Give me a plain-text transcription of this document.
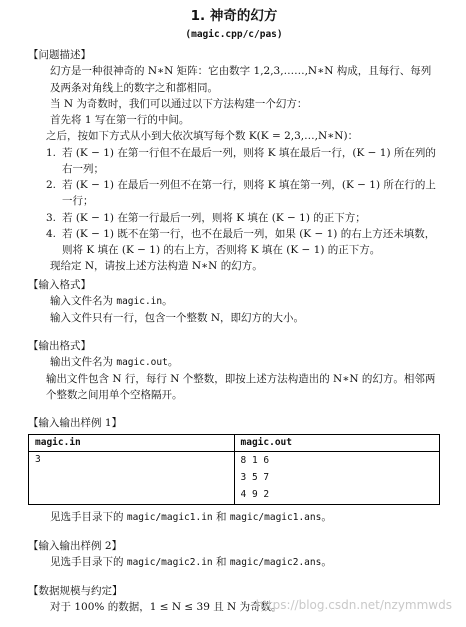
1. 神奇的幻方
(magic.cpp/c/pas)
【问题描述】
幻方是一种很神奇的 N∗N 矩阵：它由数字 1,2,3,……,N∗N 构成，且每行、每列及两条对角线上的数字之和都相同。
当 N 为奇数时，我们可以通过以下方法构建一个幻方：
首先将 1 写在第一行的中间。
之后，按如下方式从小到大依次填写每个数 K(K = 2,3,…,N∗N)：
1. 若 (K − 1) 在第一行但不在最后一列，则将 K 填在最后一行，(K − 1) 所在列的右一列；
2. 若 (K − 1) 在最后一列但不在第一行，则将 K 填在第一列，(K − 1) 所在行的上一行；
3. 若 (K − 1) 在第一行最后一列，则将 K 填在 (K − 1) 的正下方；
4. 若 (K − 1) 既不在第一行，也不在最后一列，如果 (K − 1) 的右上方还未填数，则将 K 填在 (K − 1) 的右上方，否则将 K 填在 (K − 1) 的正下方。
现给定 N，请按上述方法构造 N∗N 的幻方。
【输入格式】
输入文件名为 magic.in。
输入文件只有一行，包含一个整数 N，即幻方的大小。
【输出格式】
输出文件名为 magic.out。
输出文件包含 N 行，每行 N 个整数，即按上述方法构造出的 N∗N 的幻方。相邻两个整数之间用单个空格隔开。
【输入输出样例 1】
magic.in	magic.out
3	8 1 6
3 5 7
4 9 2
见选手目录下的 magic/magic1.in 和 magic/magic1.ans。
【输入输出样例 2】
见选手目录下的 magic/magic2.in 和 magic/magic2.ans。
【数据规模与约定】
对于 100% 的数据，1 ≤ N ≤ 39 且 N 为奇数。
https://blog.csdn.net/nzymmwds
